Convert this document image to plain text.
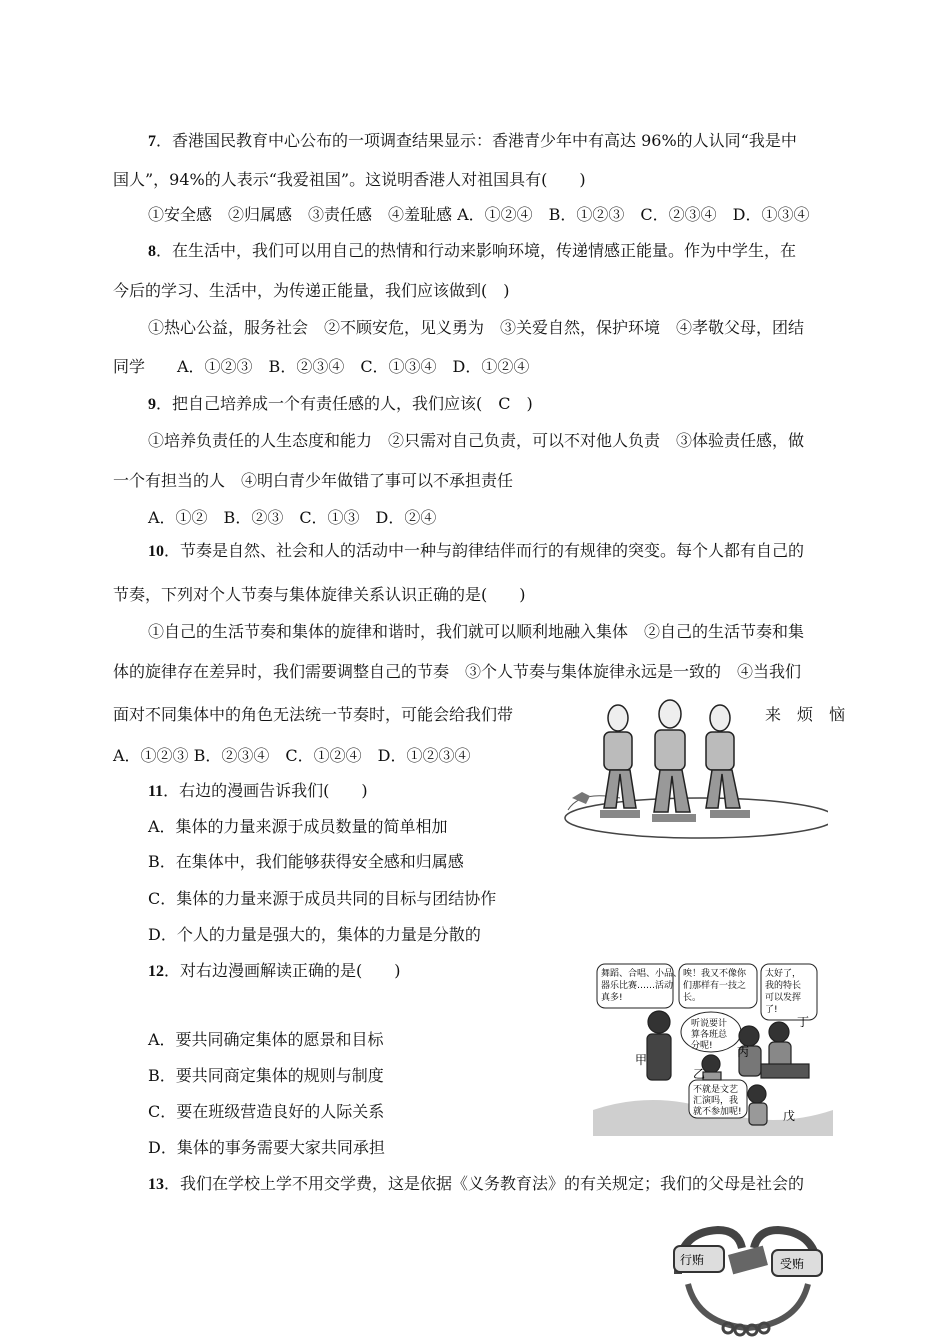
7．香港国民教育中心公布的一项调查结果显示：香港青少年中有高达 96%的人认同“我是中
国人”，94%的人表示“我爱祖国”。这说明香港人对祖国具有(　　)
①安全感　②归属感　③责任感　④羞耻感 A．①②④　B．①②③　C．②③④　D．①③④
8．在生活中，我们可以用自己的热情和行动来影响环境，传递情感正能量。作为中学生，在
今后的学习、生活中，为传递正能量，我们应该做到(　)
①热心公益，服务社会　②不顾安危，见义勇为　③关爱自然，保护环境　④孝敬父母，团结
同学　　A．①②③　B．②③④　C．①③④　D．①②④
9．把自己培养成一个有责任感的人，我们应该(　C　)
①培养负责任的人生态度和能力　②只需对自己负责，可以不对他人负责　③体验责任感，做
一个有担当的人　④明白青少年做错了事可以不承担责任
A．①②　B．②③　C．①③　D．②④
10．节奏是自然、社会和人的活动中一种与韵律结伴而行的有规律的突变。每个人都有自己的
节奏，下列对个人节奏与集体旋律关系认识正确的是(　　)
①自己的生活节奏和集体的旋律和谐时，我们就可以顺利地融入集体　②自己的生活节奏和集
体的旋律存在差异时，我们需要调整自己的节奏　③个人节奏与集体旋律永远是一致的　④当我们
面对不同集体中的角色无法统一节奏时，可能会给我们带	来　烦　恼
A．①②③ B．②③④　C．①②④　D．①②③④
11．右边的漫画告诉我们(　　)
A．集体的力量来源于成员数量的简单相加
B．在集体中，我们能够获得安全感和归属感
C．集体的力量来源于成员共同的目标与团结协作
D．个人的力量是强大的，集体的力量是分散的
12．对右边漫画解读正确的是(　　)
A．要共同确定集体的愿景和目标
B．要共同商定集体的规则与制度
C．要在班级营造良好的人际关系
D．集体的事务需要大家共同承担
舞蹈、合唱、小品、
器乐比赛……活动
真多!
唉！我又不像你
们那样有一技之
长。
太好了，
我的特长
可以发挥
了!
听说要计
算各班总
分呢!
不就是文艺
汇演吗，我
就不参加呢!
甲
乙
丙
丁
戊
13．我们在学校上学不用交学费，这是依据《义务教育法》的有关规定；我们的父母是社会的
行贿	受贿
